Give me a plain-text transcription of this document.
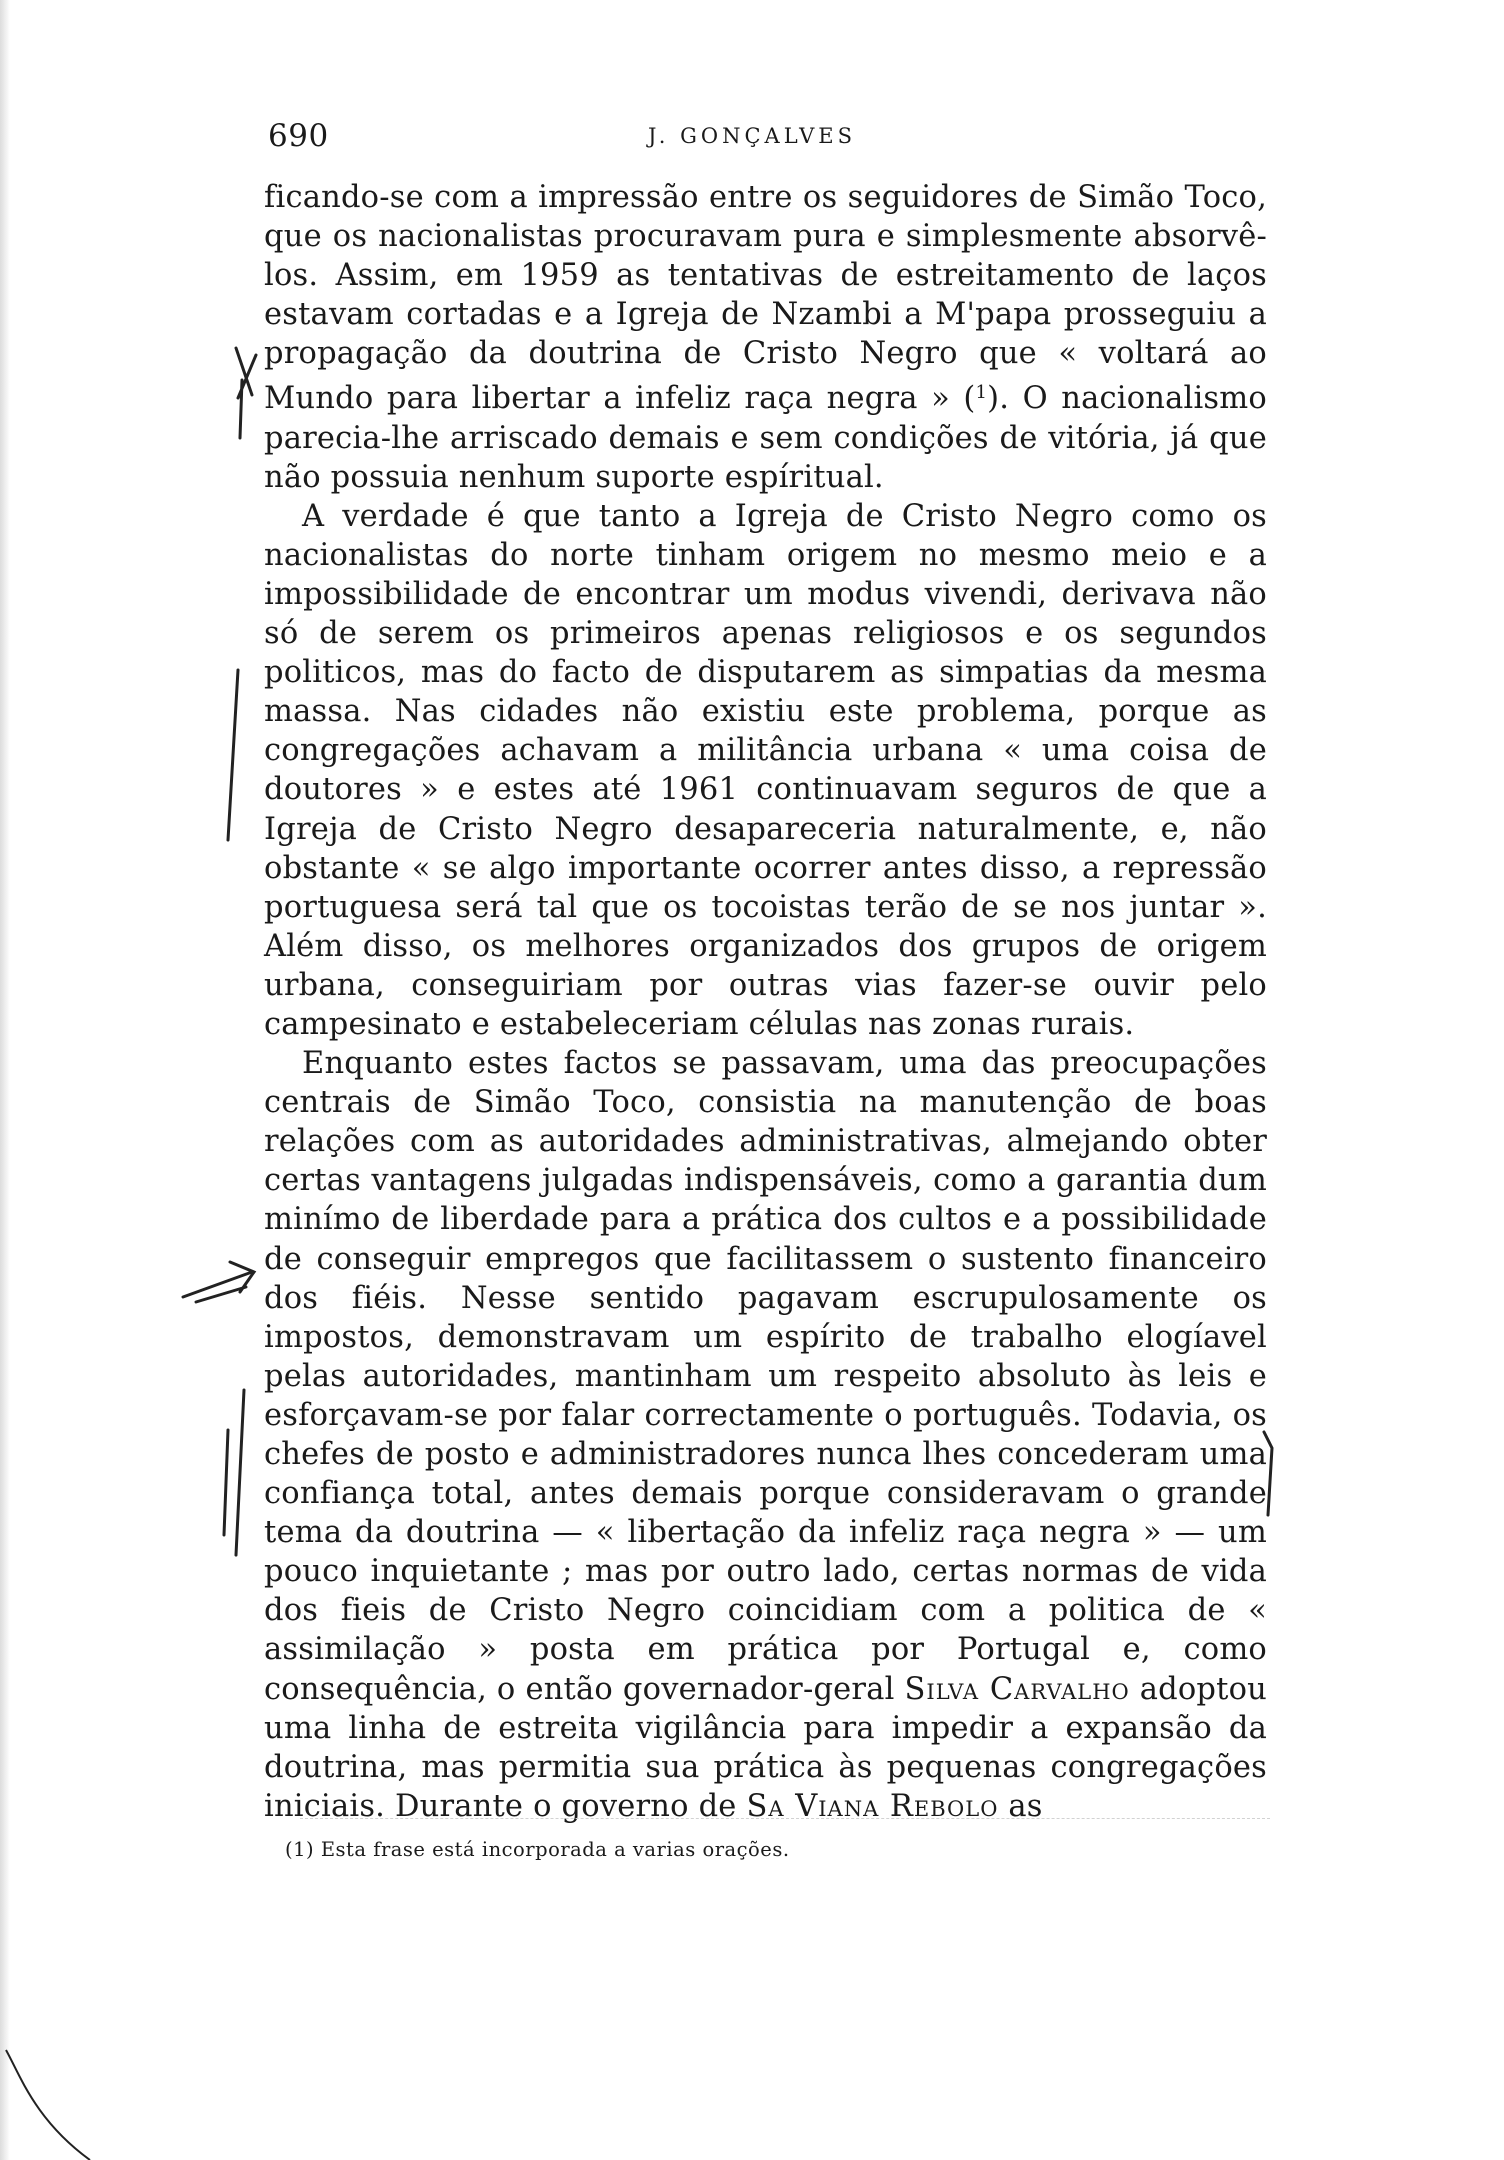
690	J. GONÇALVES

ficando-se com a impressão entre os seguidores de Simão Toco, que os nacionalistas procuravam pura e simplesmente absorvê-los. Assim, em 1959 as tentativas de estreitamento de laços estavam cortadas e a Igreja de Nzambi a M'papa prosseguiu a propagação da doutrina de Cristo Negro que « voltará ao Mundo para libertar a infeliz raça negra » ($^1$). O nacionalismo parecia-lhe arriscado demais e sem condições de vitória, já que não possuia nenhum suporte espíritual.

A verdade é que tanto a Igreja de Cristo Negro como os nacionalistas do norte tinham origem no mesmo meio e a impossibilidade de encontrar um modus vivendi, derivava não só de serem os primeiros apenas religiosos e os segundos politicos, mas do facto de disputarem as simpatias da mesma massa. Nas cidades não existiu este problema, porque as congregações achavam a militância urbana « uma coisa de doutores » e estes até 1961 continuavam seguros de que a Igreja de Cristo Negro desapareceria naturalmente, e, não obstante « se algo importante ocorrer antes disso, a repressão portuguesa será tal que os tocoistas terão de se nos juntar ». Além disso, os melhores organizados dos grupos de origem urbana, conseguiriam por outras vias fazer-se ouvir pelo campesinato e estabeleceriam células nas zonas rurais.

Enquanto estes factos se passavam, uma das preocupações centrais de Simão Toco, consistia na manutenção de boas relações com as autoridades administrativas, almejando obter certas vantagens julgadas indispensáveis, como a garantia dum minímo de liberdade para a prática dos cultos e a possibilidade de conseguir empregos que facilitassem o sustento financeiro dos fiéis. Nesse sentido pagavam escrupulosamente os impostos, demonstravam um espírito de trabalho elogíavel pelas autoridades, mantinham um respeito absoluto às leis e esforçavam-se por falar correctamente o português. Todavia, os chefes de posto e administradores nunca lhes concederam uma confiança total, antes demais porque consideravam o grande tema da doutrina — « libertação da infeliz raça negra » — um pouco inquietante ; mas por outro lado, certas normas de vida dos fieis de Cristo Negro coincidiam com a politica de « assimilação » posta em prática por Portugal e, como consequência, o então governador-geral Silva Carvalho adoptou uma linha de estreita vigilância para impedir a expansão da doutrina, mas permitia sua prática às pequenas congregações iniciais. Durante o governo de Sa Viana Rebolo as

(1) Esta frase está incorporada a varias orações.
